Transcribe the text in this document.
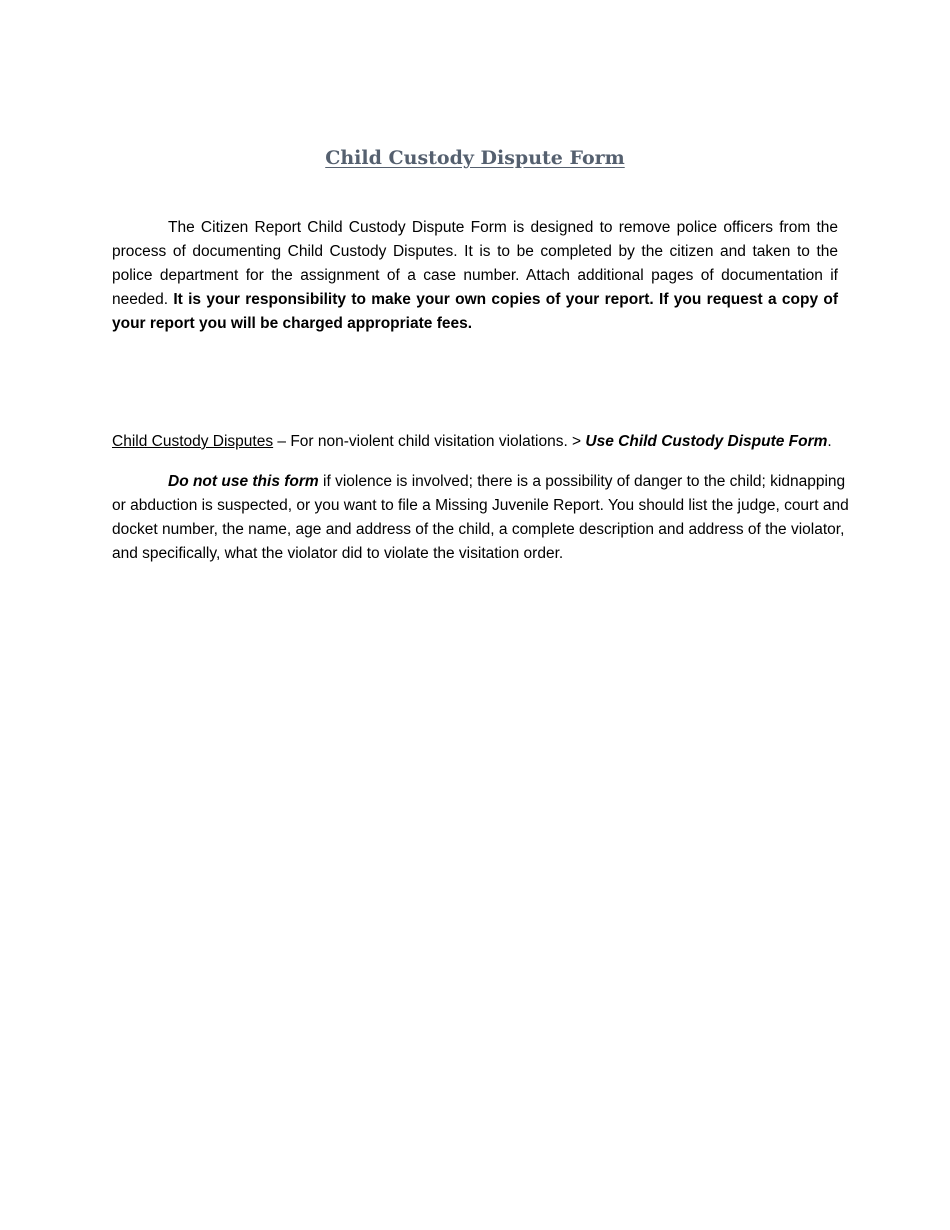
Child Custody Dispute Form
The Citizen Report Child Custody Dispute Form is designed to remove police officers from the process of documenting Child Custody Disputes. It is to be completed by the citizen and taken to the police department for the assignment of a case number. Attach additional pages of documentation if needed. It is your responsibility to make your own copies of your report. If you request a copy of your report you will be charged appropriate fees.
Child Custody Disputes – For non-violent child visitation violations. > Use Child Custody Dispute Form.
Do not use this form if violence is involved; there is a possibility of danger to the child; kidnapping or abduction is suspected, or you want to file a Missing Juvenile Report. You should list the judge, court and docket number, the name, age and address of the child, a complete description and address of the violator, and specifically, what the violator did to violate the visitation order.
